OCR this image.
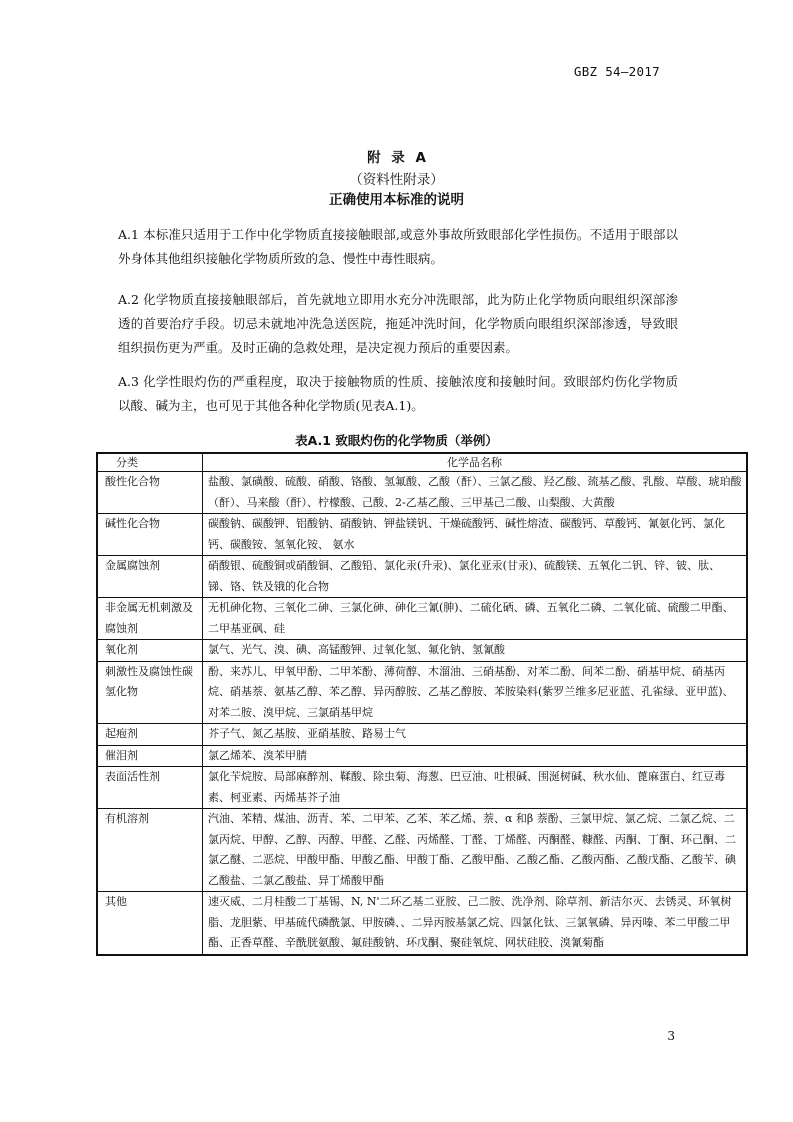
GBZ 54—2017
附 录 A
（资料性附录）
正确使用本标准的说明
A.1 本标准只适用于工作中化学物质直接接触眼部,或意外事故所致眼部化学性损伤。不适用于眼部以外身体其他组织接触化学物质所致的急、慢性中毒性眼病。
A.2 化学物质直接接触眼部后，首先就地立即用水充分冲洗眼部，此为防止化学物质向眼组织深部渗透的首要治疗手段。切忌未就地冲洗急送医院，拖延冲洗时间，化学物质向眼组织深部渗透，导致眼组织损伤更为严重。及时正确的急救处理，是决定视力预后的重要因素。
A.3 化学性眼灼伤的严重程度，取决于接触物质的性质、接触浓度和接触时间。致眼部灼伤化学物质以酸、碱为主，也可见于其他各种化学物质(见表A.1)。
表A.1 致眼灼伤的化学物质（举例）
分类	化学品名称
酸性化合物	盐酸、氯磺酸、硫酸、硝酸、铬酸、氢氟酸、乙酸（酐）、三氯乙酸、羟乙酸、巯基乙酸、乳酸、草酸、琥珀酸（酐）、马来酸（酐）、柠檬酸、己酸、2-乙基乙酸、三甲基己二酸、山梨酸、大黄酸
碱性化合物	碳酸钠、碳酸钾、铝酸钠、硝酸钠、钾盐镁钒、干燥硫酸钙、碱性熔渣、碳酸钙、草酸钙、氰氨化钙、氯化钙、碳酸铵、氢氧化铵、 氨水
金属腐蚀剂	硝酸银、硫酸铜或硝酸铜、乙酸铅、氯化汞(升汞)、氯化亚汞(甘汞)、硫酸镁、五氧化二钒、锌、铍、肽、锑、铬、铁及锇的化合物
非金属无机刺激及腐蚀剂	无机砷化物、三氧化二砷、三氯化砷、砷化三氰(胂)、二硫化硒、磷、五氧化二磷、二氧化硫、硫酸二甲酯、二甲基亚砜、硅
氧化剂	氯气、光气、溴、碘、高锰酸钾、过氧化氢、氟化钠、氢氰酸
刺激性及腐蚀性碳氢化物	酚、来苏儿、甲氧甲酚、二甲苯酚、薄荷醇、木溜油、三硝基酚、对苯二酚、间苯二酚、硝基甲烷、硝基丙烷、硝基萘、氨基乙醇、苯乙醇、异丙醇胺、乙基乙醇胺、苯胺染料(紫罗兰维多尼亚蓝、孔雀绿、亚甲蓝)、对苯二胺、溴甲烷、三氯硝基甲烷
起疱剂	芥子气、氮乙基胺、亚硝基胺、路易士气
催泪剂	氯乙烯苯、溴苯甲腈
表面活性剂	氯化苄烷胺、局部麻醉剂、鞣酸、除虫菊、海葱、巴豆油、吐根碱、围涎树碱、秋水仙、蓖麻蛋白、红豆毒素、柯亚素、丙烯基芥子油
有机溶剂	汽油、苯精、煤油、沥青、苯、二甲苯、乙苯、苯乙烯、萘、α 和β 萘酚、三氯甲烷、氯乙烷、二氯乙烷、二氯丙烷、甲醇、乙醇、丙醇、甲醛、乙醛、丙烯醛、丁醛、丁烯醛、丙酮醛、糠醛、丙酮、丁酮、环己酮、二氯乙醚、二恶烷、甲酸甲酯、甲酸乙酯、甲酸丁酯、乙酸甲酯、乙酸乙酯、乙酸丙酯、乙酸戊酯、乙酸苄、碘乙酸盐、二氯乙酸盐、异丁烯酸甲酯
其他	速灭威、二月桂酸二丁基锡、N, N'二环乙基二亚胺、己二胺、洗净剂、除草剂、新洁尔灭、去锈灵、环氧树脂、龙胆紫、甲基硫代磷酰氯、甲胺磷、、二异丙胺基氯乙烷、四氯化钛、三氯氧磷、异丙嗪、苯二甲酸二甲酯、正香草醛、辛酰胱氨酸、氟硅酸钠、环戊酮、聚硅氧烷、网状硅胶、溴氰菊酯
3
